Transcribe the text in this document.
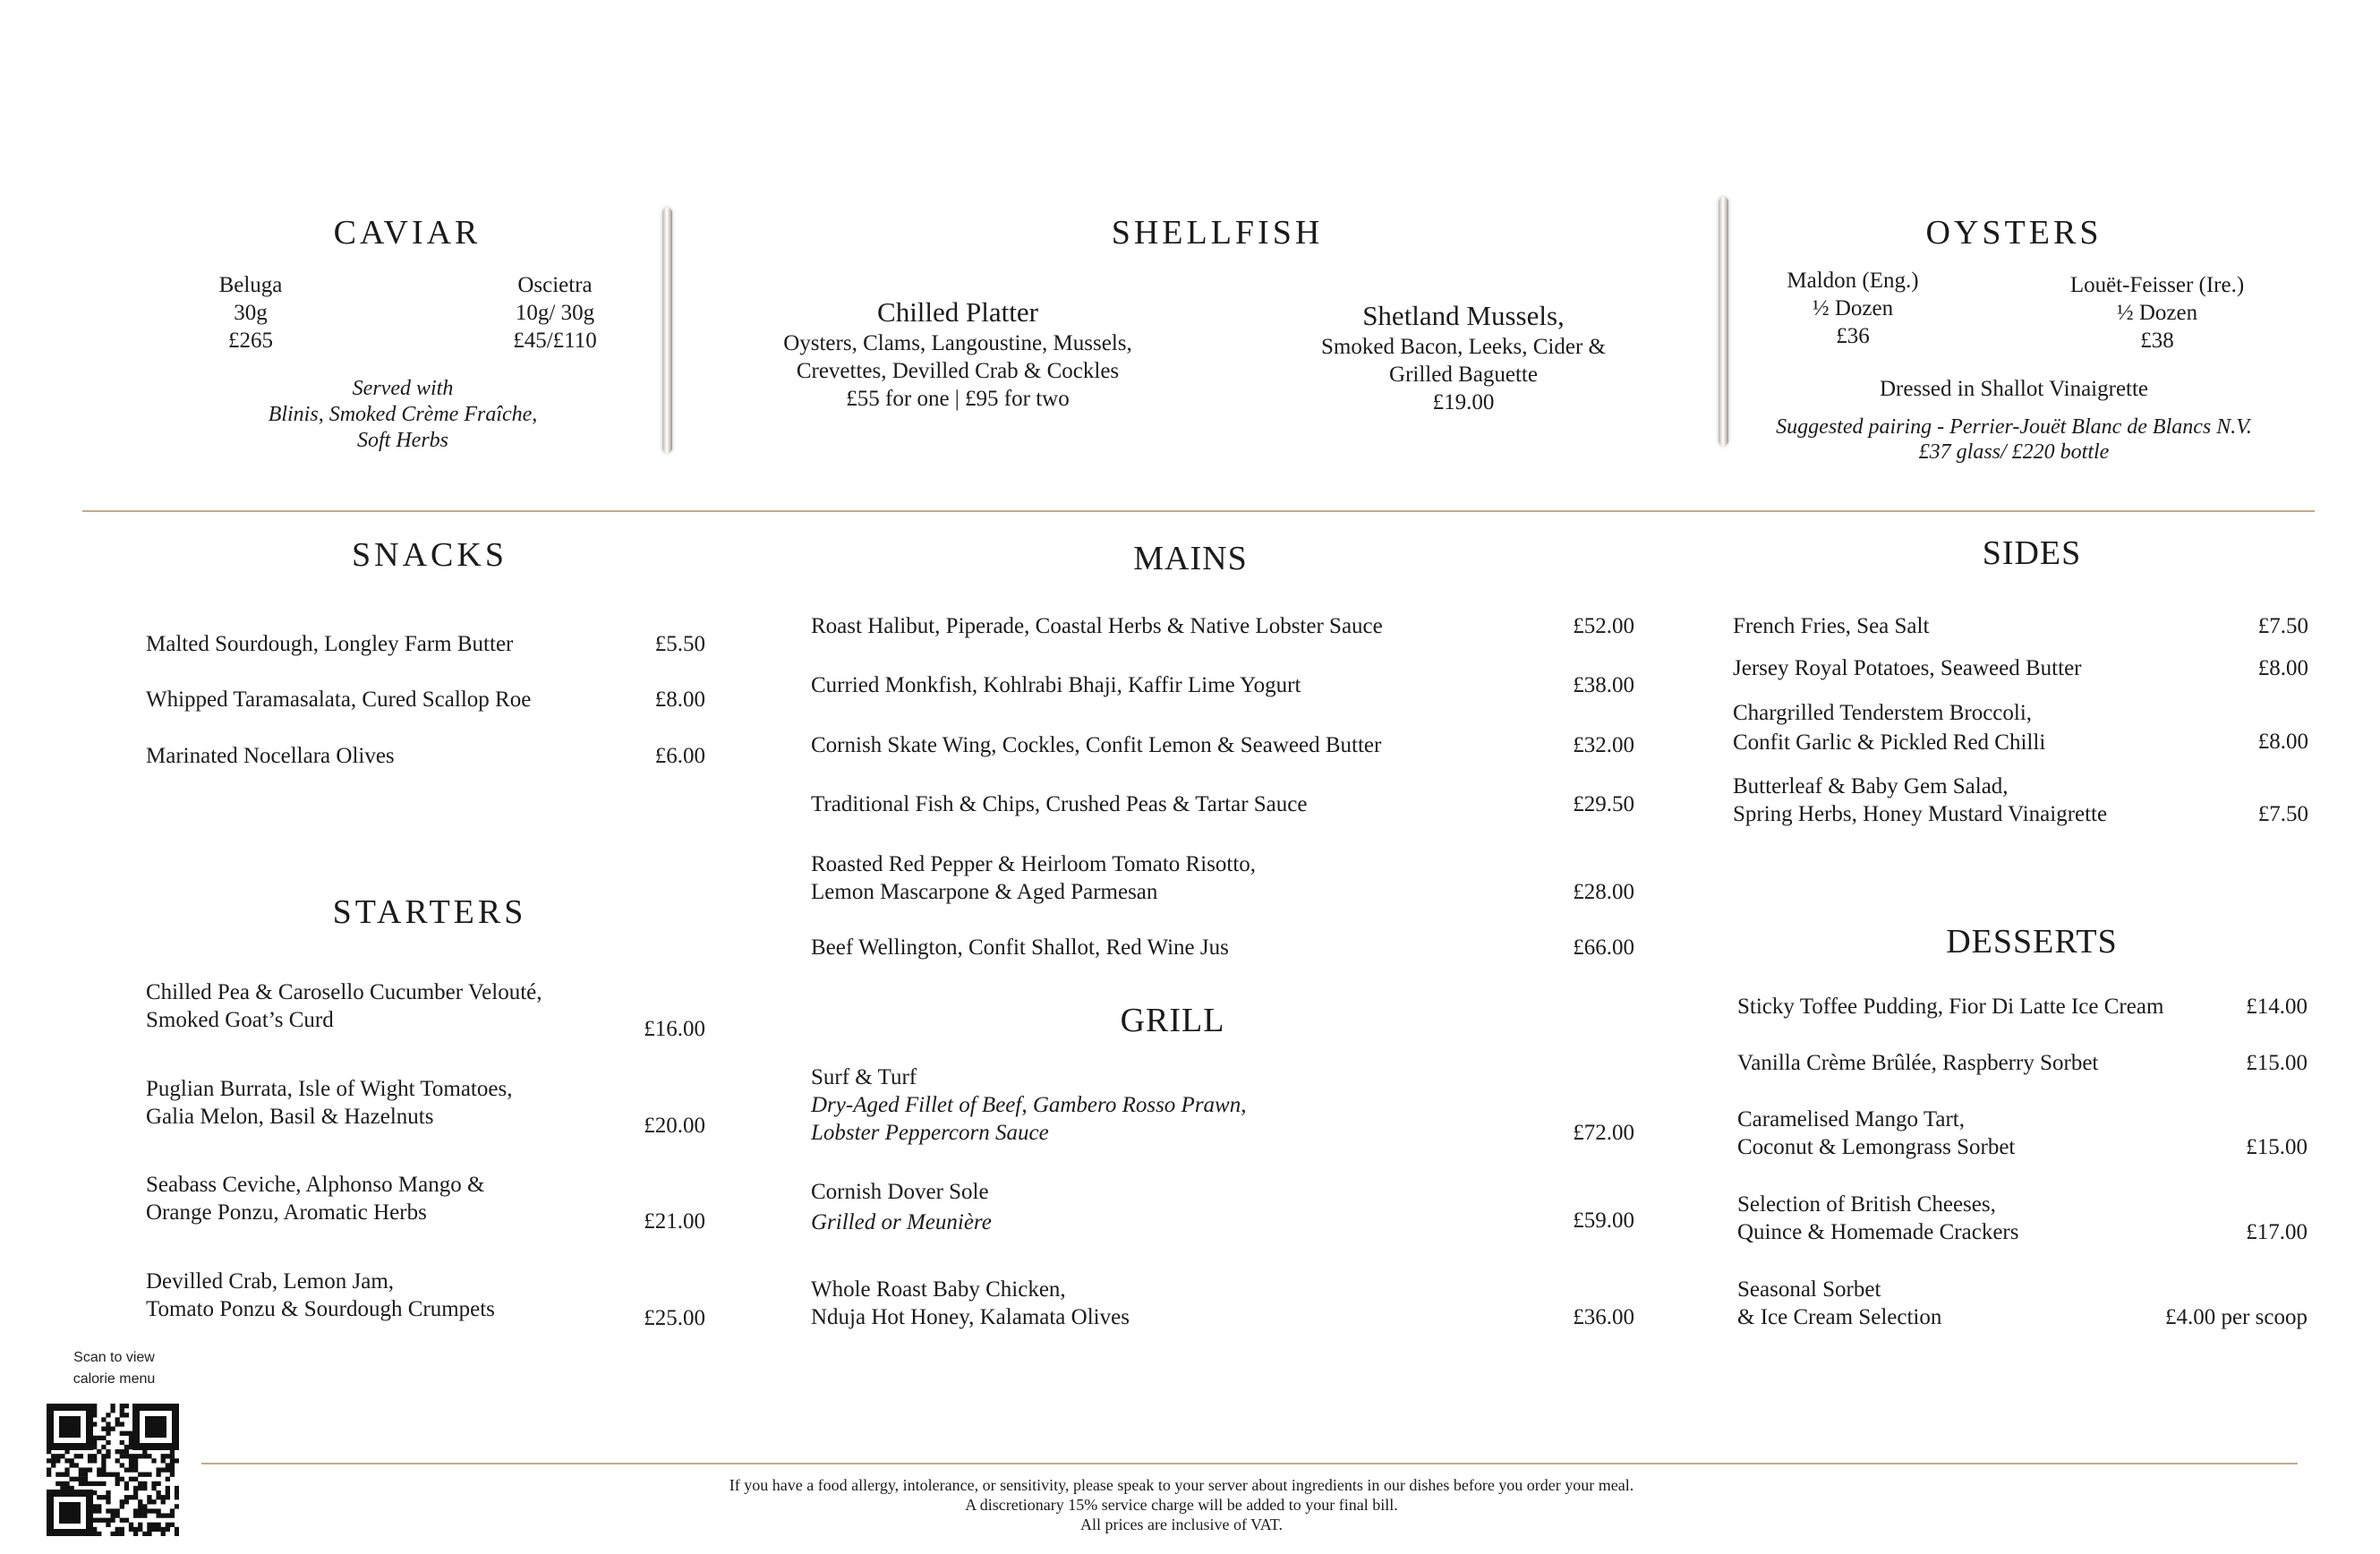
CAVIAR
Beluga
30g
£265
Oscietra
10g/ 30g
£45/£110
Served with
Blinis, Smoked Crème Fraîche,
Soft Herbs
SHELLFISH
Chilled Platter
Oysters, Clams, Langoustine, Mussels,
Crevettes, Devilled Crab & Cockles
£55 for one | £95 for two
Shetland Mussels,
Smoked Bacon, Leeks, Cider &
Grilled Baguette
£19.00
OYSTERS
Maldon (Eng.)
½ Dozen
£36
Louët-Feisser (Ire.)
½ Dozen
£38
Dressed in Shallot Vinaigrette
Suggested pairing - Perrier-Jouët Blanc de Blancs N.V.
£37 glass/ £220 bottle
SNACKS
Malted Sourdough, Longley Farm Butter	£5.50
Whipped Taramasalata, Cured Scallop Roe	£8.00
Marinated Nocellara Olives	£6.00
STARTERS
Chilled Pea & Carosello Cucumber Velouté,
Smoked Goat’s Curd	£16.00
Puglian Burrata, Isle of Wight Tomatoes,
Galia Melon, Basil & Hazelnuts	£20.00
Seabass Ceviche, Alphonso Mango &
Orange Ponzu, Aromatic Herbs	£21.00
Devilled Crab, Lemon Jam,
Tomato Ponzu & Sourdough Crumpets	£25.00
MAINS
Roast Halibut, Piperade, Coastal Herbs & Native Lobster Sauce	£52.00
Curried Monkfish, Kohlrabi Bhaji, Kaffir Lime Yogurt	£38.00
Cornish Skate Wing, Cockles, Confit Lemon & Seaweed Butter	£32.00
Traditional Fish & Chips, Crushed Peas & Tartar Sauce	£29.50
Roasted Red Pepper & Heirloom Tomato Risotto,
Lemon Mascarpone & Aged Parmesan	£28.00
Beef Wellington, Confit Shallot, Red Wine Jus	£66.00
GRILL
Surf & Turf
Dry-Aged Fillet of Beef, Gambero Rosso Prawn,
Lobster Peppercorn Sauce	£72.00
Cornish Dover Sole
Grilled or Meunière	£59.00
Whole Roast Baby Chicken,
Nduja Hot Honey, Kalamata Olives	£36.00
SIDES
French Fries, Sea Salt	£7.50
Jersey Royal Potatoes, Seaweed Butter	£8.00
Chargrilled Tenderstem Broccoli,
Confit Garlic & Pickled Red Chilli	£8.00
Butterleaf & Baby Gem Salad,
Spring Herbs, Honey Mustard Vinaigrette	£7.50
DESSERTS
Sticky Toffee Pudding, Fior Di Latte Ice Cream	£14.00
Vanilla Crème Brûlée, Raspberry Sorbet	£15.00
Caramelised Mango Tart,
Coconut & Lemongrass Sorbet	£15.00
Selection of British Cheeses,
Quince & Homemade Crackers	£17.00
Seasonal Sorbet
& Ice Cream Selection	£4.00 per scoop
Scan to view
calorie menu
If you have a food allergy, intolerance, or sensitivity, please speak to your server about ingredients in our dishes before you order your meal.
A discretionary 15% service charge will be added to your final bill.
All prices are inclusive of VAT.
